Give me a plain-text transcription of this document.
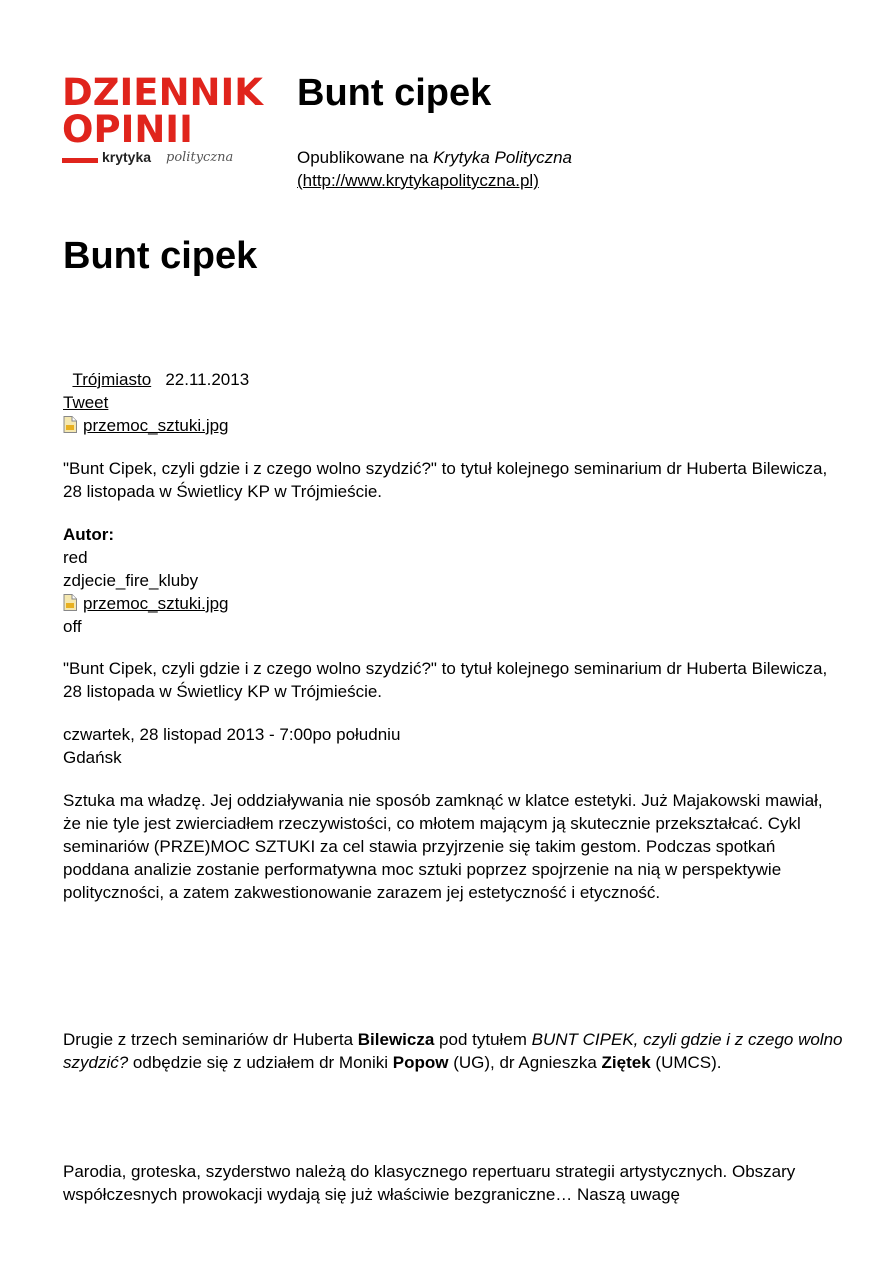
DZIENNIK
OPINII
krytyka polityczna
Bunt cipek
Opublikowane na Krytyka Polityczna
(http://www.krytykapolityczna.pl)
Bunt cipek
Trójmiasto 22.11.2013
Tweet
przemoc_sztuki.jpg

"Bunt Cipek, czyli gdzie i z czego wolno szydzić?" to tytuł kolejnego seminarium dr Huberta Bilewicza, 28 listopada w Świetlicy KP w Trójmieście.

Autor:
red
zdjecie_fire_kluby
przemoc_sztuki.jpg
off

"Bunt Cipek, czyli gdzie i z czego wolno szydzić?" to tytuł kolejnego seminarium dr Huberta Bilewicza, 28 listopada w Świetlicy KP w Trójmieście.

czwartek, 28 listopad 2013 - 7:00po południu
Gdańsk

Sztuka ma władzę. Jej oddziaływania nie sposób zamknąć w klatce estetyki. Już Majakowski mawiał, że nie tyle jest zwierciadłem rzeczywistości, co młotem mającym ją skutecznie przekształcać. Cykl seminariów (PRZE)MOC SZTUKI za cel stawia przyjrzenie się takim gestom. Podczas spotkań poddana analizie zostanie performatywna moc sztuki poprzez spojrzenie na nią w perspektywie polityczności, a zatem zakwestionowanie zarazem jej estetyczność i etyczność.

Drugie z trzech seminariów dr Huberta Bilewicza pod tytułem BUNT CIPEK, czyli gdzie i z czego wolno szydzić? odbędzie się z udziałem dr Moniki Popow (UG), dr Agnieszka Ziętek (UMCS).

Parodia, groteska, szyderstwo należą do klasycznego repertuaru strategii artystycznych. Obszary współczesnych prowokacji wydają się już właściwie bezgraniczne… Naszą uwagę
